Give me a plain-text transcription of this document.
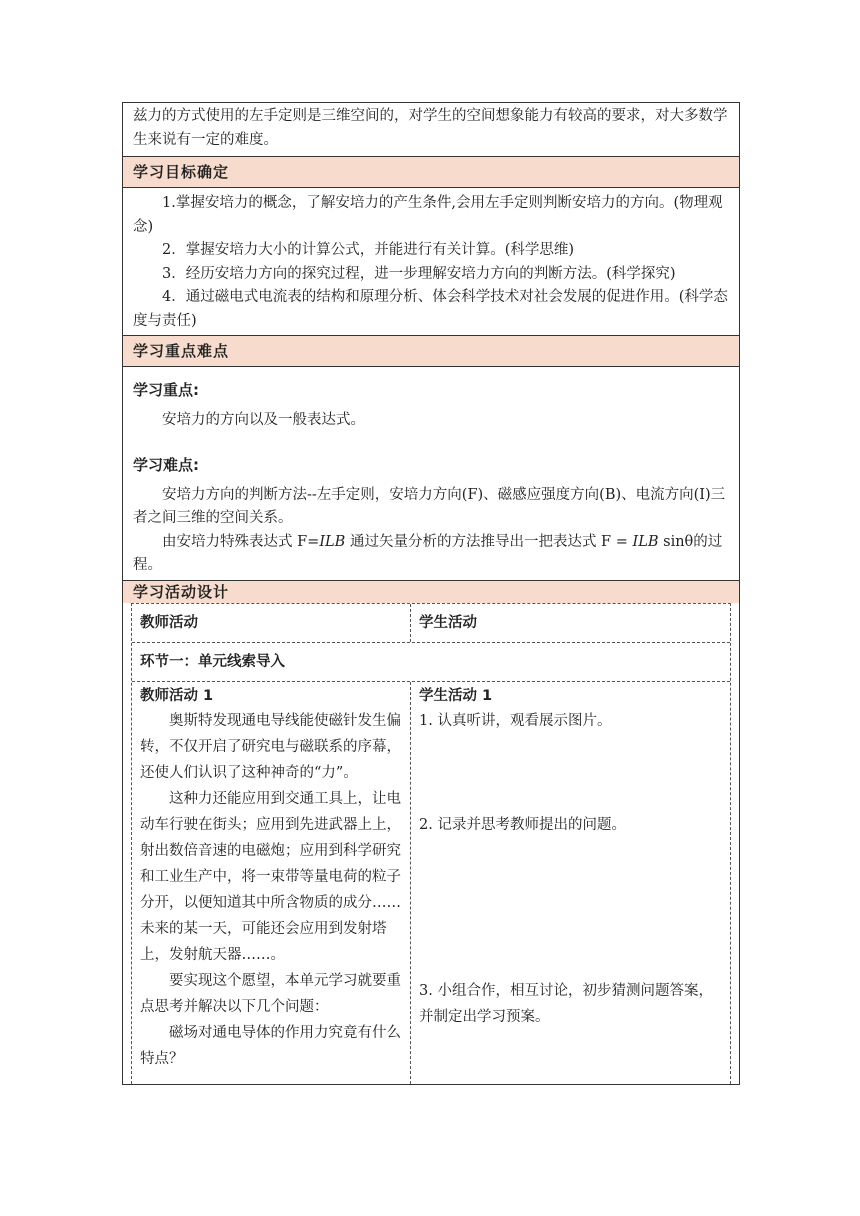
兹力的方式使用的左手定则是三维空间的，对学生的空间想象能力有较高的要求，对大多数学生来说有一定的难度。

学习目标确定

1.掌握安培力的概念，了解安培力的产生条件,会用左手定则判断安培力的方向。(物理观念)

2．掌握安培力大小的计算公式，并能进行有关计算。(科学思维)

3．经历安培力方向的探究过程，进一步理解安培力方向的判断方法。(科学探究)

4．通过磁电式电流表的结构和原理分析、体会科学技术对社会发展的促进作用。(科学态度与责任)

学习重点难点
学习重点:

安培力的方向以及一般表达式。

学习难点:

安培力方向的判断方法--左手定则，安培力方向(F)、磁感应强度方向(B)、电流方向(I)三者之间三维的空间关系。

由安培力特殊表达式 F=ILB 通过矢量分析的方法推导出一把表达式 F = ILB sinθ的过程。

学习活动设计
教师活动	学生活动
环节一：单元线索导入
教师活动 1

奥斯特发现通电导线能使磁针发生偏转，不仅开启了研究电与磁联系的序幕，还使人们认识了这种神奇的“力”。

这种力还能应用到交通工具上，让电动车行驶在街头；应用到先进武器上上，射出数倍音速的电磁炮；应用到科学研究和工业生产中，将一束带等量电荷的粒子分开，以便知道其中所含物质的成分……未来的某一天，可能还会应用到发射塔上，发射航天器……。

要实现这个愿望，本单元学习就要重点思考并解决以下几个问题：

磁场对通电导体的作用力究竟有什么特点？

学生活动 1

1. 认真听讲，观看展示图片。

2. 记录并思考教师提出的问题。

3. 小组合作，相互讨论，初步猜测问题答案，并制定出学习预案。
